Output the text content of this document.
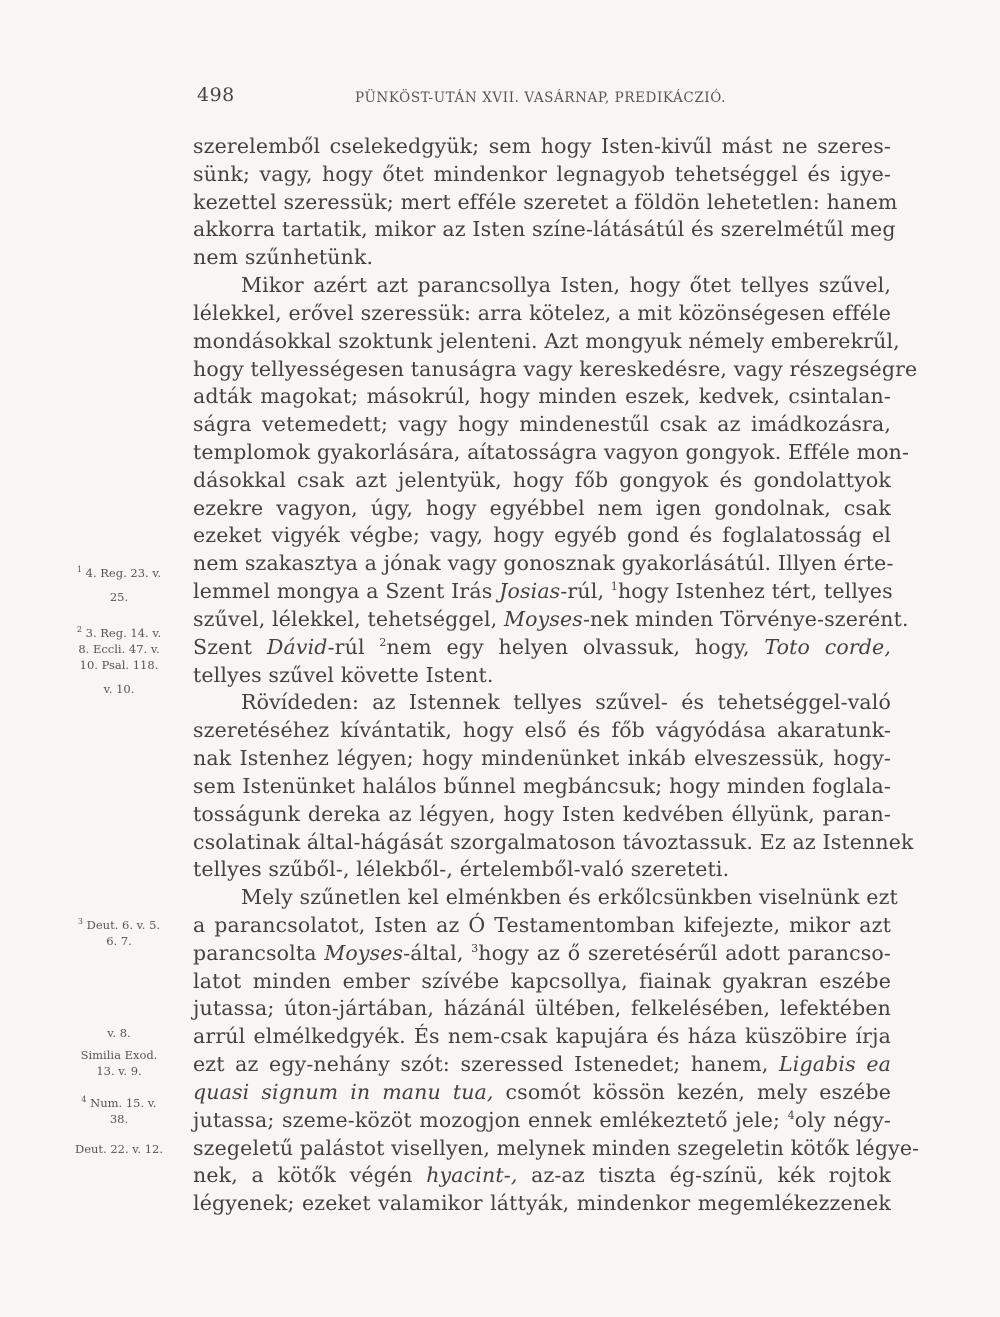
498	PÜNKÖST-UTÁN XVII. VASÁRNAP, PREDIKÁCZIÓ.
szerelemből cselekedgyük; sem hogy Isten-kivűl mást ne szeres-
sünk; vagy, hogy őtet mindenkor legnagyob tehetséggel és igye-
kezettel szeressük; mert efféle szeretet a földön lehetetlen: hanem
akkorra tartatik, mikor az Isten színe-látásátúl és szerelmétűl meg
nem szűnhetünk.
Mikor azért azt parancsollya Isten, hogy őtet tellyes szűvel,
lélekkel, erővel szeressük: arra kötelez, a mit közönségesen efféle
mondásokkal szoktunk jelenteni. Azt mongyuk némely emberekrűl,
hogy tellyességesen tanuságra vagy kereskedésre, vagy részegségre
adták magokat; másokrúl, hogy minden eszek, kedvek, csintalan-
ságra vetemedett; vagy hogy mindenestűl csak az imádkozásra,
templomok gyakorlására, aítatosságra vagyon gongyok. Efféle mon-
dásokkal csak azt jelentyük, hogy főb gongyok és gondolattyok
ezekre vagyon, úgy, hogy egyébbel nem igen gondolnak, csak
ezeket vigyék végbe; vagy, hogy egyéb gond és foglalatosság el
nem szakasztya a jónak vagy gonosznak gyakorlásátúl. Illyen érte-
lemmel mongya a Szent Irás Josias-rúl, $^1$hogy Istenhez tért, tellyes
szűvel, lélekkel, tehetséggel, Moyses-nek minden Törvénye-szerént.
Szent Dávid-rúl $^2$nem egy helyen olvassuk, hogy, Toto corde,
tellyes szűvel követte Istent.
Rövídeden: az Istennek tellyes szűvel- és tehetséggel-való
szeretéséhez kívántatik, hogy első és főb vágyódása akaratunk-
nak Istenhez légyen; hogy mindenünket inkáb elveszessük, hogy-
sem Istenünket halálos bűnnel megbáncsuk; hogy minden foglala-
tosságunk dereka az légyen, hogy Isten kedvében éllyünk, paran-
csolatinak által-hágását szorgalmatoson távoztassuk. Ez az Istennek
tellyes szűből-, lélekből-, értelemből-való szereteti.
Mely szűnetlen kel elménkben és erkőlcsünkben viselnünk ezt
a parancsolatot, Isten az Ó Testamentomban kifejezte, mikor azt
parancsolta Moyses-által, $^3$hogy az ő szeretésérűl adott parancso-
latot minden ember szívébe kapcsollya, fiainak gyakran eszébe
jutassa; úton-jártában, házánál ültében, felkelésében, lefektében
arrúl elmélkedgyék. És nem-csak kapujára és háza küszöbire írja
ezt az egy-nehány szót: szeressed Istenedet; hanem, Ligabis ea
quasi signum in manu tua, csomót kössön kezén, mely eszébe
jutassa; szeme-közöt mozogjon ennek emlékeztető jele; $^4$oly négy-
szegeletű palástot visellyen, melynek minden szegeletin kötők légye-
nek, a kötők végén hyacint-, az-az tiszta ég-színü, kék rojtok
légyenek; ezeket valamikor láttyák, mindenkor megemlékezzenek
$^1$ 4. Reg. 23. v.
25.
$^2$ 3. Reg. 14. v.
8. Eccli. 47. v.
10. Psal. 118.
v. 10.
$^3$ Deut. 6. v. 5.
6. 7.
v. 8.
Similia Exod.
13. v. 9.
$^4$ Num. 15. v.
38.
Deut. 22. v. 12.
